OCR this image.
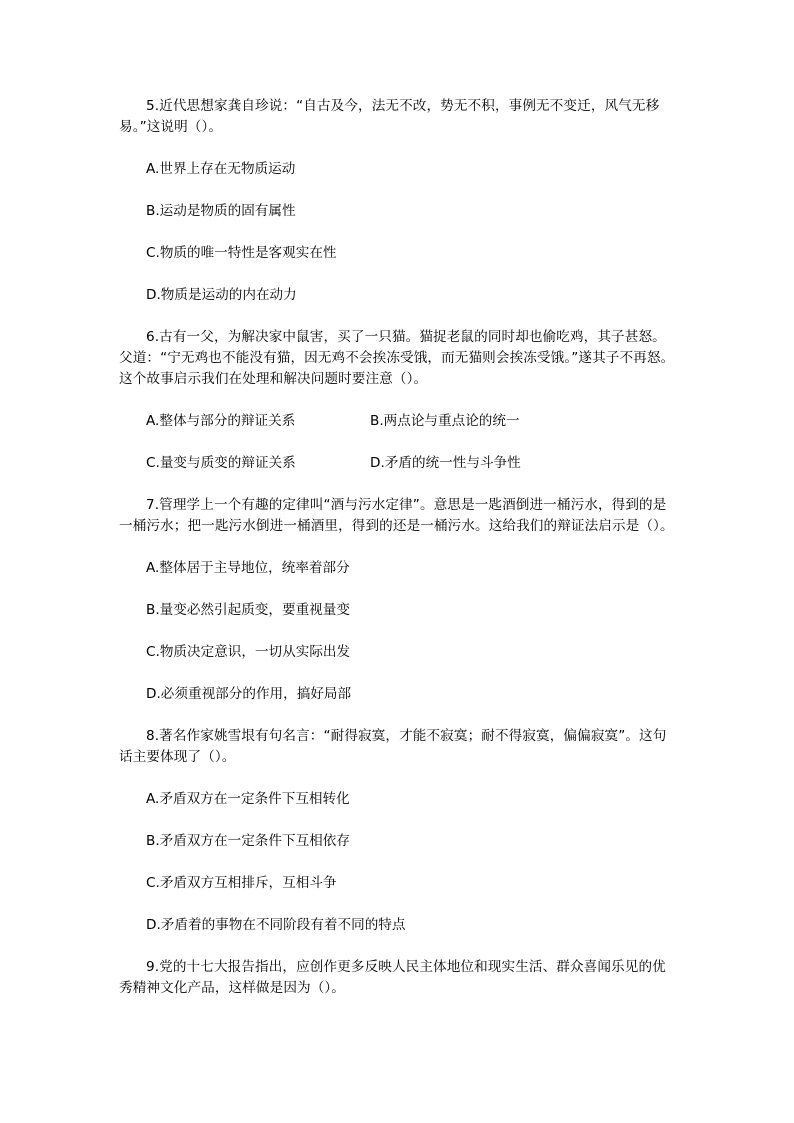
5.近代思想家龚自珍说：“自古及今，法无不改，势无不积，事例无不变迁，风气无移易。”这说明（）。

A.世界上存在无物质运动

B.运动是物质的固有属性

C.物质的唯一特性是客观实在性

D.物质是运动的内在动力

6.古有一父，为解决家中鼠害，买了一只猫。猫捉老鼠的同时却也偷吃鸡，其子甚怒。父道：“宁无鸡也不能没有猫，因无鸡不会挨冻受饿，而无猫则会挨冻受饿。”遂其子不再怒。这个故事启示我们在处理和解决问题时要注意（）。

A.整体与部分的辩证关系	B.两点论与重点论的统一
C.量变与质变的辩证关系	D.矛盾的统一性与斗争性

7.管理学上一个有趣的定律叫“酒与污水定律”。意思是一匙酒倒进一桶污水，得到的是一桶污水；把一匙污水倒进一桶酒里，得到的还是一桶污水。这给我们的辩证法启示是（）。

A.整体居于主导地位，统率着部分

B.量变必然引起质变，要重视量变

C.物质决定意识，一切从实际出发

D.必须重视部分的作用，搞好局部

8.著名作家姚雪垠有句名言：“耐得寂寞，才能不寂寞；耐不得寂寞，偏偏寂寞”。这句话主要体现了（）。

A.矛盾双方在一定条件下互相转化

B.矛盾双方在一定条件下互相依存

C.矛盾双方互相排斥，互相斗争

D.矛盾着的事物在不同阶段有着不同的特点

9.党的十七大报告指出，应创作更多反映人民主体地位和现实生活、群众喜闻乐见的优秀精神文化产品，这样做是因为（）。
